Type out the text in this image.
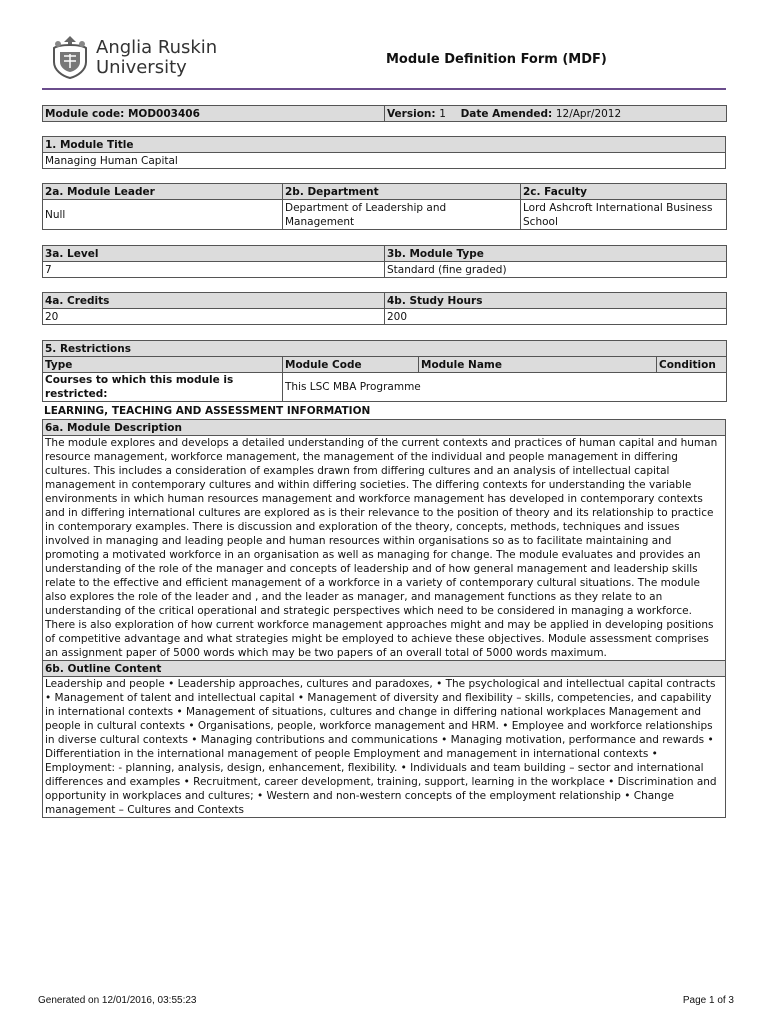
Anglia Ruskin
University	Module Definition Form (MDF)
Module code: MOD003406	Version: 1 Date Amended: 12/Apr/2012
1. Module Title
Managing Human Capital
2a. Module Leader	2b. Department	2c. Faculty
Null	Department of Leadership and Management	Lord Ashcroft International Business School
3a. Level	3b. Module Type
7	Standard (fine graded)
4a. Credits	4b. Study Hours
20	200
5. Restrictions			
Type	Module Code	Module Name	Condition
Courses to which this module is restricted:	This LSC MBA Programme		
LEARNING, TEACHING AND ASSESSMENT INFORMATION
6a. Module Description
The module explores and develops a detailed understanding of the current contexts and practices of human capital and human resource management, workforce management, the management of the individual and people management in differing cultures. This includes a consideration of examples drawn from differing cultures and an analysis of intellectual capital management in contemporary cultures and within differing societies. The differing contexts for understanding the variable environments in which human resources management and workforce management has developed in contemporary contexts and in differing international cultures are explored as is their relevance to the position of theory and its relationship to practice in contemporary examples. There is discussion and exploration of the theory, concepts, methods, techniques and issues involved in managing and leading people and human resources within organisations so as to facilitate maintaining and promoting a motivated workforce in an organisation as well as managing for change. The module evaluates and provides an understanding of the role of the manager and concepts of leadership and of how general management and leadership skills relate to the effective and efficient management of a workforce in a variety of contemporary cultural situations. The module also explores the role of the leader and , and the leader as manager, and management functions as they relate to an understanding of the critical operational and strategic perspectives which need to be considered in managing a workforce. There is also exploration of how current workforce management approaches might and may be applied in developing positions of competitive advantage and what strategies might be employed to achieve these objectives. Module assessment comprises an assignment paper of 5000 words which may be two papers of an overall total of 5000 words maximum.
6b. Outline Content
Leadership and people • Leadership approaches, cultures and paradoxes, • The psychological and intellectual capital contracts • Management of talent and intellectual capital • Management of diversity and flexibility – skills, competencies, and capability in international contexts • Management of situations, cultures and change in differing national workplaces Management and people in cultural contexts • Organisations, people, workforce management and HRM. • Employee and workforce relationships in diverse cultural contexts • Managing contributions and communications • Managing motivation, performance and rewards • Differentiation in the international management of people Employment and management in international contexts • Employment: - planning, analysis, design, enhancement, flexibility. • Individuals and team building – sector and international differences and examples • Recruitment, career development, training, support, learning in the workplace • Discrimination and opportunity in workplaces and cultures; • Western and non-western concepts of the employment relationship • Change management – Cultures and Contexts
Generated on 12/01/2016, 03:55:23	Page 1 of 3
